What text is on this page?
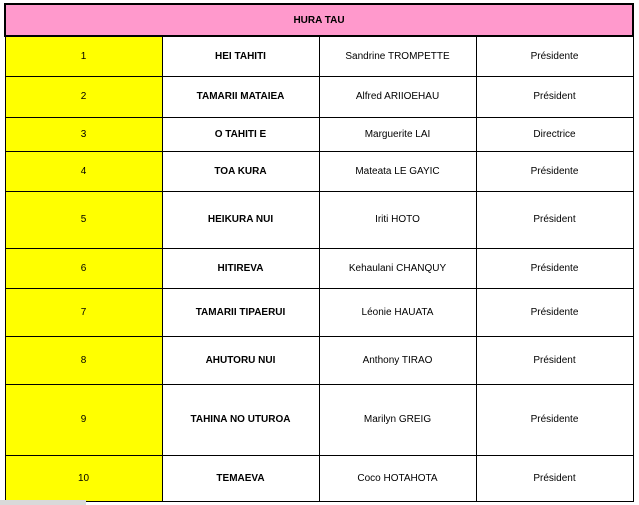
HURA TAU			
1	HEI TAHITI	Sandrine TROMPETTE	Présidente
2	TAMARII MATAIEA	Alfred ARIIOEHAU	Président
3	O TAHITI E	Marguerite LAI	Directrice
4	TOA KURA	Mateata LE GAYIC	Présidente
5	HEIKURA NUI	Iriti HOTO	Président
6	HITIREVA	Kehaulani CHANQUY	Présidente
7	TAMARII TIPAERUI	Léonie HAUATA	Présidente
8	AHUTORU NUI	Anthony TIRAO	Président
9	TAHINA NO UTUROA	Marilyn GREIG	Présidente
10	TEMAEVA	Coco HOTAHOTA	Président
